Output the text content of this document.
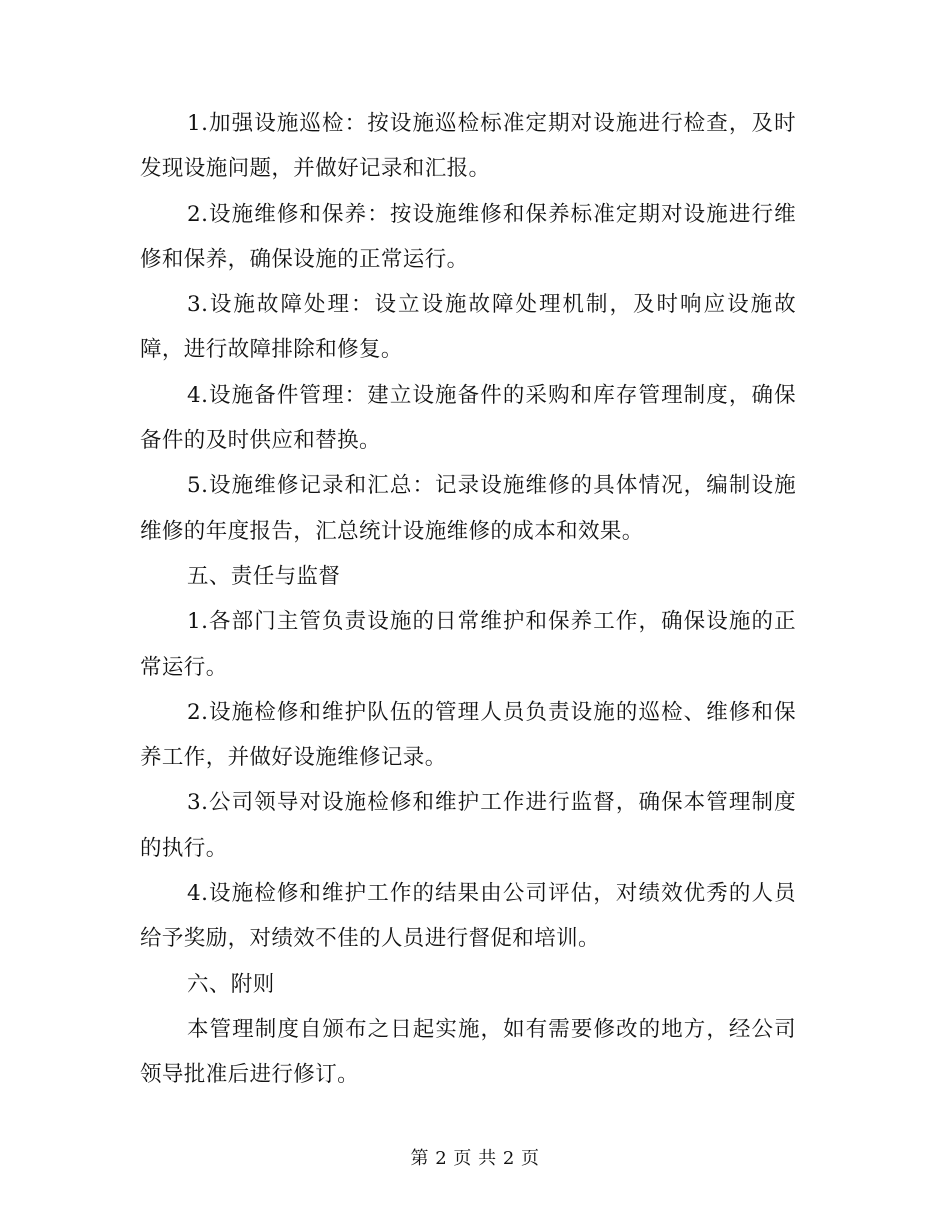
1.加强设施巡检：按设施巡检标准定期对设施进行检查，及时发现设施问题，并做好记录和汇报。

2.设施维修和保养：按设施维修和保养标准定期对设施进行维修和保养，确保设施的正常运行。

3.设施故障处理：设立设施故障处理机制，及时响应设施故障，进行故障排除和修复。

4.设施备件管理：建立设施备件的采购和库存管理制度，确保备件的及时供应和替换。

5.设施维修记录和汇总：记录设施维修的具体情况，编制设施维修的年度报告，汇总统计设施维修的成本和效果。

五、责任与监督

1.各部门主管负责设施的日常维护和保养工作，确保设施的正常运行。

2.设施检修和维护队伍的管理人员负责设施的巡检、维修和保养工作，并做好设施维修记录。

3.公司领导对设施检修和维护工作进行监督，确保本管理制度的执行。

4.设施检修和维护工作的结果由公司评估，对绩效优秀的人员给予奖励，对绩效不佳的人员进行督促和培训。

六、附则

本管理制度自颁布之日起实施，如有需要修改的地方，经公司领导批准后进行修订。

第 2 页 共 2 页
